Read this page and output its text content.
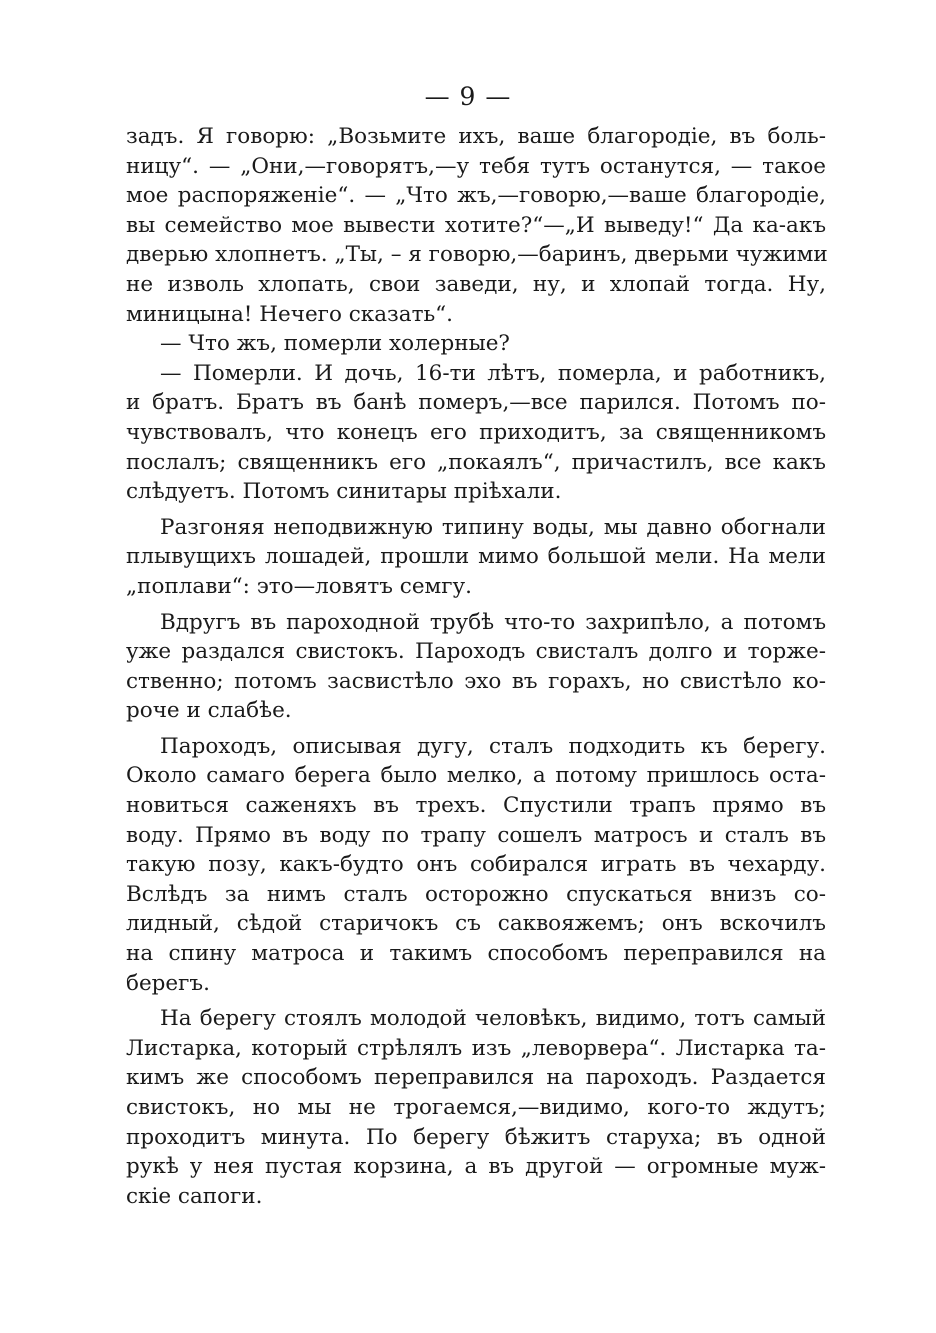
— 9 —
задъ. Я говорю: „Возьмите ихъ, ваше благородіе, въ боль-
ницу“. — „Они,—говорятъ,—у тебя тутъ останутся, — такое
мое распоряженіе“. — „Что жъ,—говорю,—ваше благородіе,
вы семейство мое вывести хотите?“—„И выведу!“ Да ка-акъ
дверью хлопнетъ. „Ты, – я говорю,—баринъ, дверьми чужими
не изволь хлопать, свои заведи, ну, и хлопай тогда. Ну,
миницына! Нечего сказать“.
— Что жъ, померли холерные?
— Померли. И дочь, 16-ти лѣтъ, померла, и работникъ,
и братъ. Братъ въ банѣ померъ,—все парился. Потомъ по-
чувствовалъ, что конецъ его приходитъ, за священникомъ
послалъ; священникъ его „покаялъ“, причастилъ, все какъ
слѣдуетъ. Потомъ синитары пріѣхали.
Разгоняя неподвижную типину воды, мы давно обогнали
плывущихъ лошадей, прошли мимо большой мели. На мели
„поплави“: это—ловятъ семгу.
Вдругъ въ пароходной трубѣ что-то захрипѣло, а потомъ
уже раздался свистокъ. Пароходъ свисталъ долго и торже-
ственно; потомъ засвистѣло эхо въ горахъ, но свистѣло ко-
роче и слабѣе.
Пароходъ, описывая дугу, сталъ подходить къ берегу.
Около самаго берега было мелко, а потому пришлось оста-
новиться саженяхъ въ трехъ. Спустили трапъ прямо въ
воду. Прямо въ воду по трапу сошелъ матросъ и сталъ въ
такую позу, какъ-будто онъ собирался играть въ чехарду.
Вслѣдъ за нимъ сталъ осторожно спускаться внизъ со-
лидный, сѣдой старичокъ съ саквояжемъ; онъ вскочилъ
на спину матроса и такимъ способомъ переправился на
берегъ.
На берегу стоялъ молодой человѣкъ, видимо, тотъ самый
Листарка, который стрѣлялъ изъ „леворвера“. Листарка та-
кимъ же способомъ переправился на пароходъ. Раздается
свистокъ, но мы не трогаемся,—видимо, кого-то ждутъ;
проходитъ минута. По берегу бѣжитъ старуха; въ одной
рукѣ у нея пустая корзина, а въ другой — огромные муж-
скіе сапоги.
